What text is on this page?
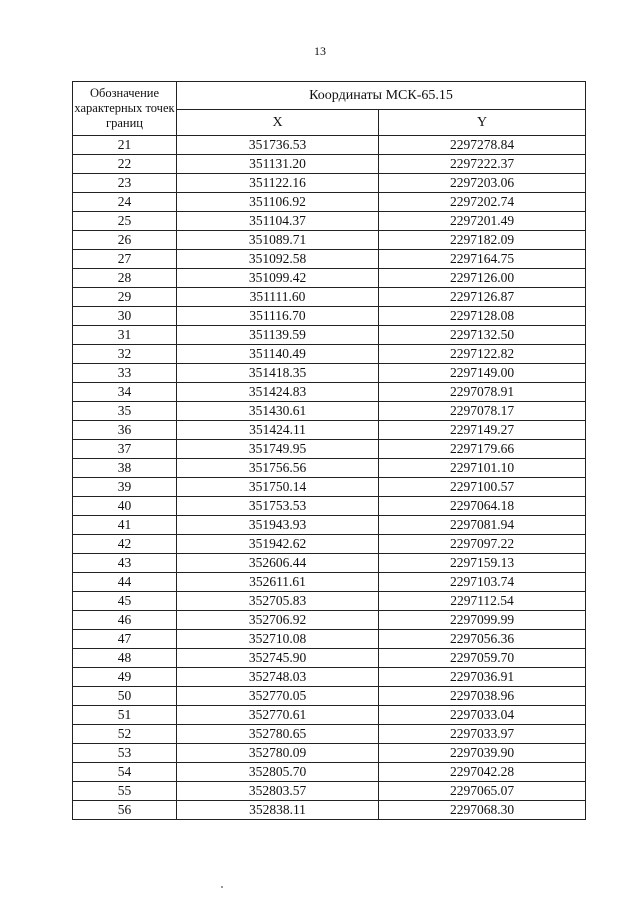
13
Обозначение характерных точек границ	Координаты МСК-65.15	
	X	Y
21	351736.53	2297278.84
22	351131.20	2297222.37
23	351122.16	2297203.06
24	351106.92	2297202.74
25	351104.37	2297201.49
26	351089.71	2297182.09
27	351092.58	2297164.75
28	351099.42	2297126.00
29	351111.60	2297126.87
30	351116.70	2297128.08
31	351139.59	2297132.50
32	351140.49	2297122.82
33	351418.35	2297149.00
34	351424.83	2297078.91
35	351430.61	2297078.17
36	351424.11	2297149.27
37	351749.95	2297179.66
38	351756.56	2297101.10
39	351750.14	2297100.57
40	351753.53	2297064.18
41	351943.93	2297081.94
42	351942.62	2297097.22
43	352606.44	2297159.13
44	352611.61	2297103.74
45	352705.83	2297112.54
46	352706.92	2297099.99
47	352710.08	2297056.36
48	352745.90	2297059.70
49	352748.03	2297036.91
50	352770.05	2297038.96
51	352770.61	2297033.04
52	352780.65	2297033.97
53	352780.09	2297039.90
54	352805.70	2297042.28
55	352803.57	2297065.07
56	352838.11	2297068.30
